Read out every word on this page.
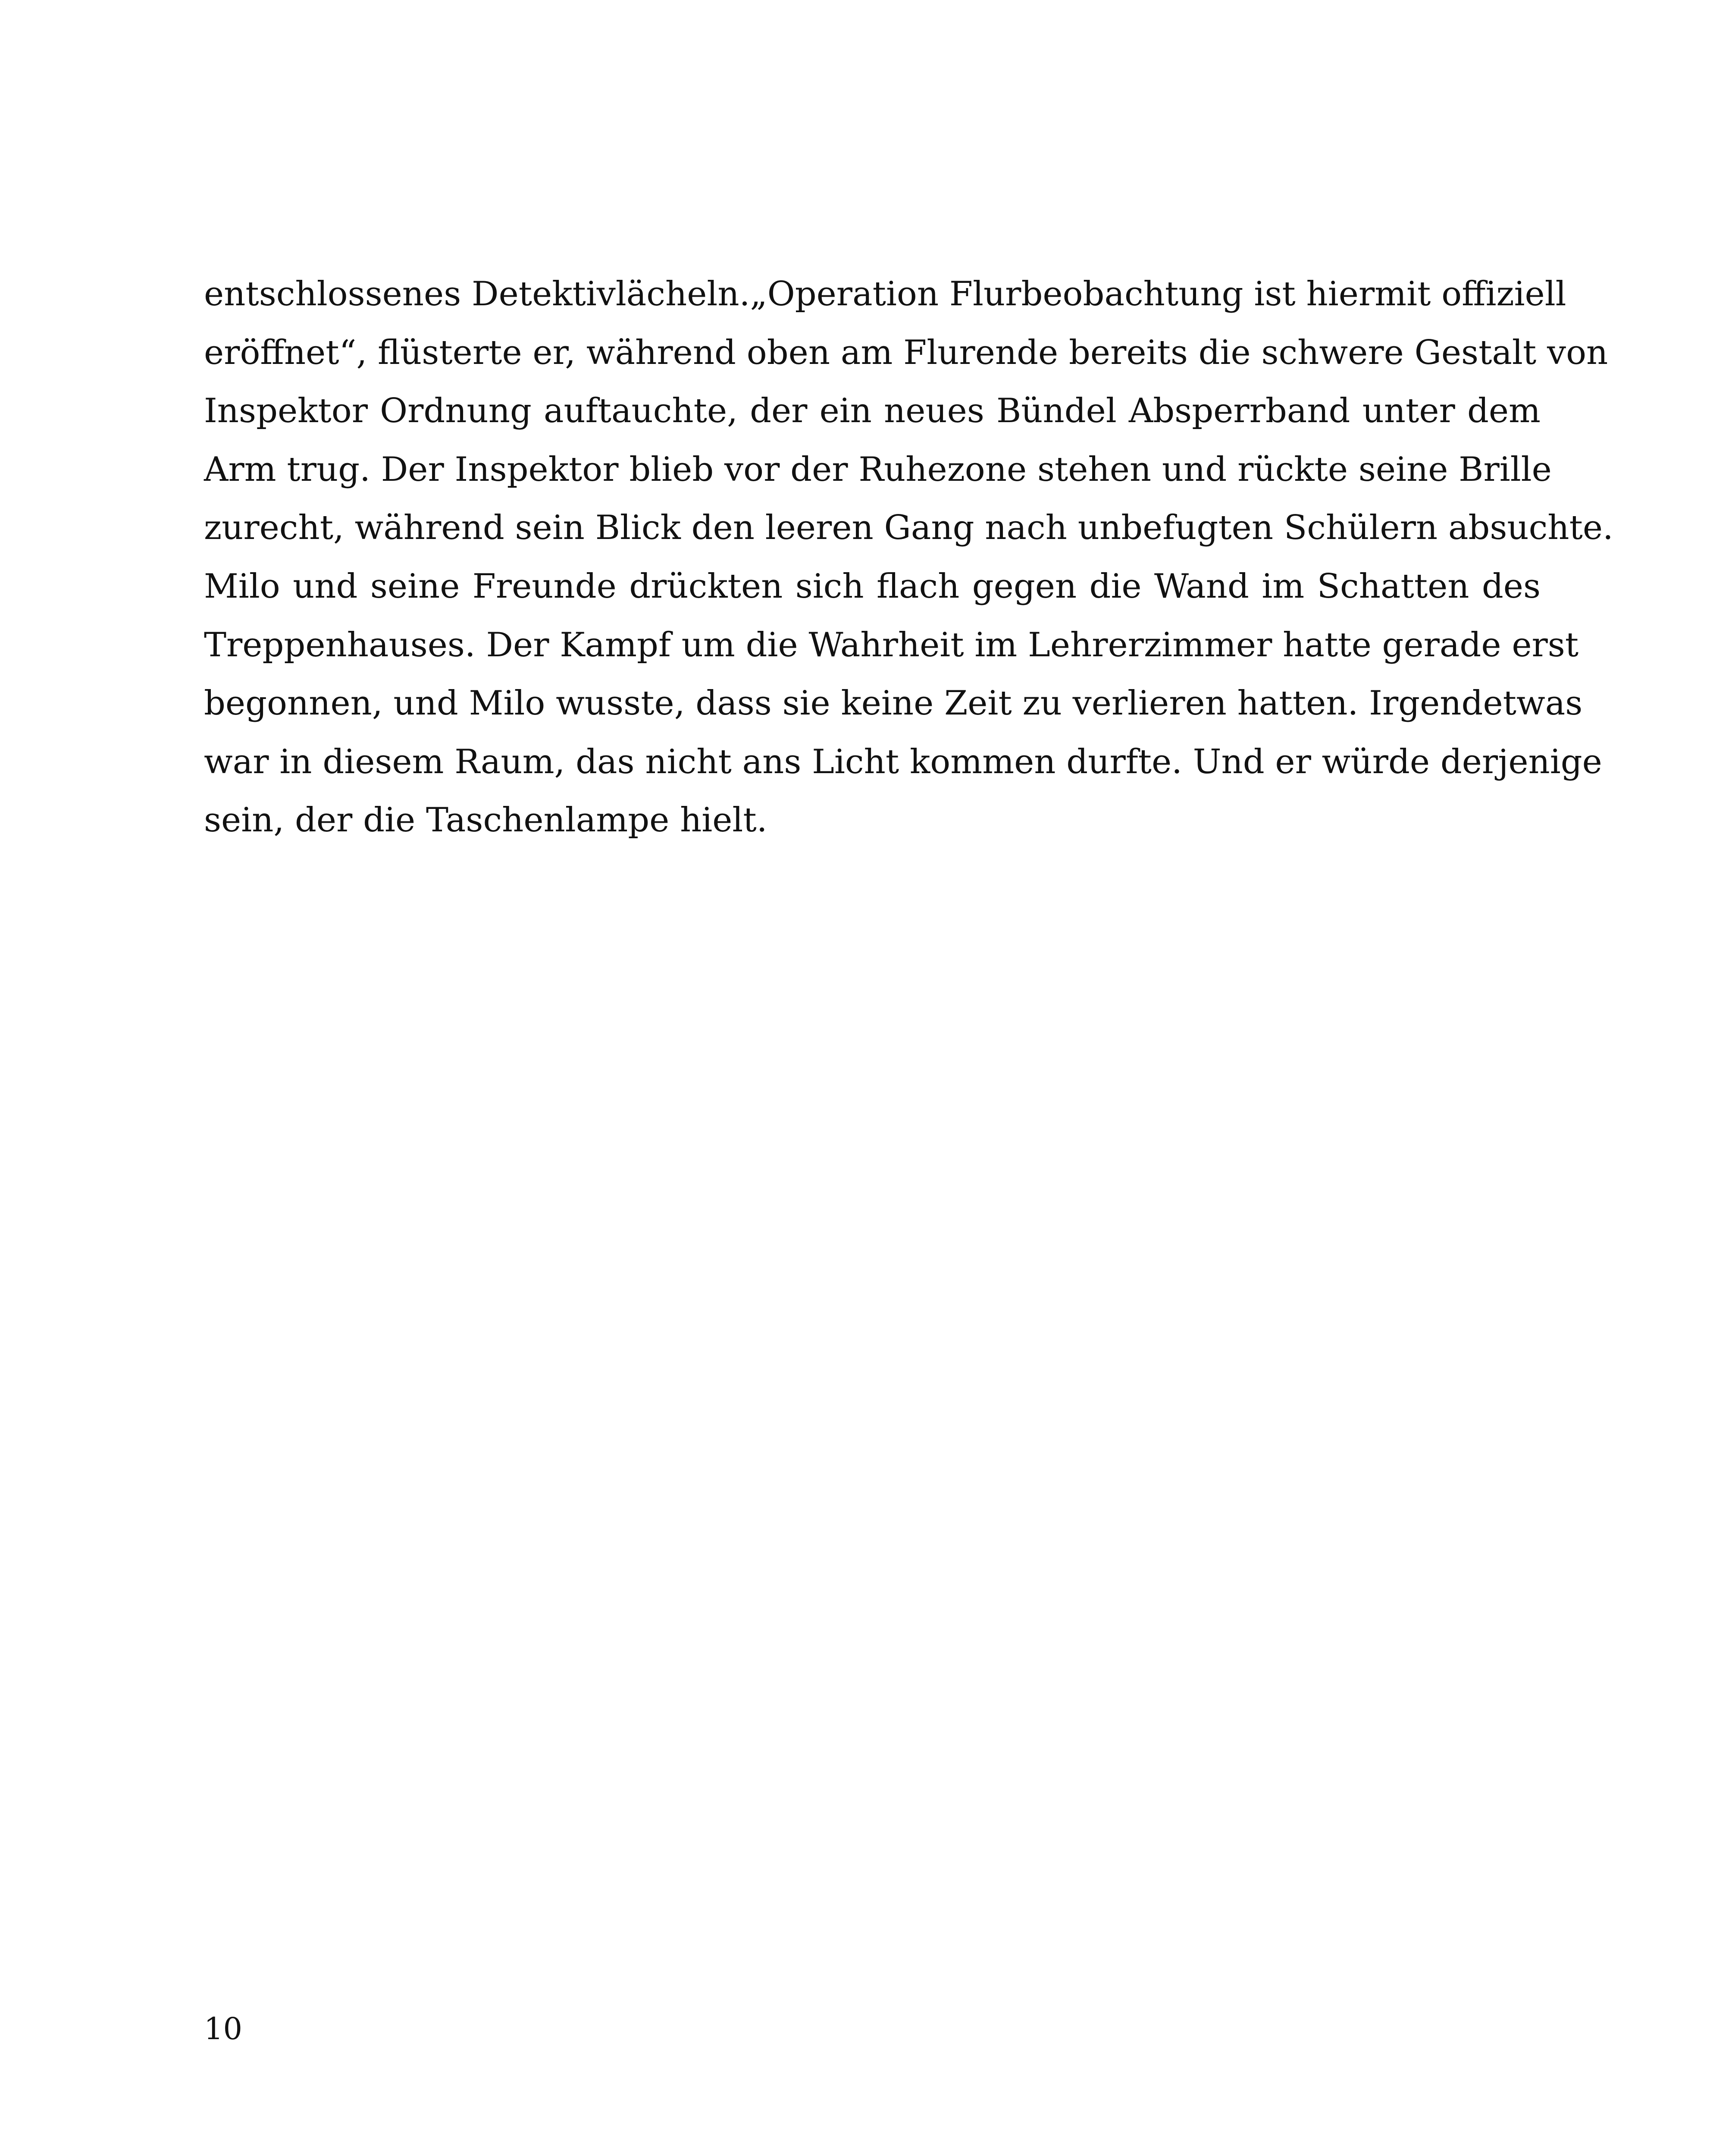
entschlossenes Detektivlächeln.„Operation Flurbeobachtung ist hiermit offiziell
eröffnet“, flüsterte er, während oben am Flurende bereits die schwere Gestalt von
Inspektor Ordnung auftauchte, der ein neues Bündel Absperrband unter dem
Arm trug. Der Inspektor blieb vor der Ruhezone stehen und rückte seine Brille
zurecht, während sein Blick den leeren Gang nach unbefugten Schülern absuchte.
Milo und seine Freunde drückten sich flach gegen die Wand im Schatten des
Treppenhauses. Der Kampf um die Wahrheit im Lehrerzimmer hatte gerade erst
begonnen, und Milo wusste, dass sie keine Zeit zu verlieren hatten. Irgendetwas
war in diesem Raum, das nicht ans Licht kommen durfte. Und er würde derjenige
sein, der die Taschenlampe hielt.
10
